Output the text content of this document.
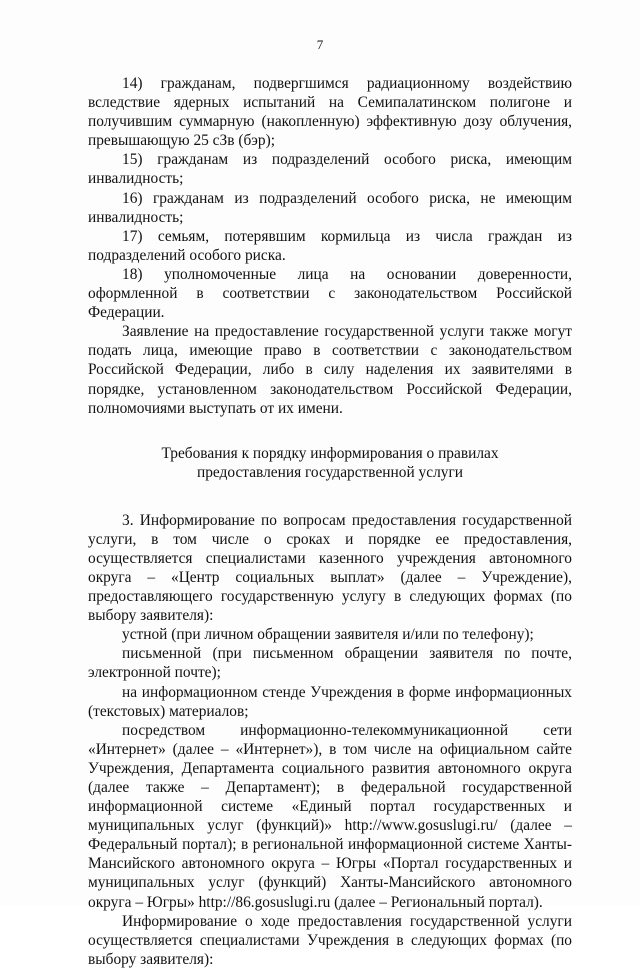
7

14) гражданам, подвергшимся радиационному воздействию вследствие ядерных испытаний на Семипалатинском полигоне и получившим суммарную (накопленную) эффективную дозу облучения, превышающую 25 сЗв (бэр);

15) гражданам из подразделений особого риска, имеющим инвалидность;

16) гражданам из подразделений особого риска, не имеющим инвалидность;

17) семьям, потерявшим кормильца из числа граждан из подразделений особого риска.

18) уполномоченные лица на основании доверенности, оформленной в соответствии с законодательством Российской Федерации.

Заявление на предоставление государственной услуги также могут подать лица, имеющие право в соответствии с законодательством Российской Федерации, либо в силу наделения их заявителями в порядке, установленном законодательством Российской Федерации, полномочиями выступать от их имени.

Требования к порядку информирования о правилах
предоставления государственной услуги

3. Информирование по вопросам предоставления государственной услуги, в том числе о сроках и порядке ее предоставления, осуществляется специалистами казенного учреждения автономного округа – «Центр социальных выплат» (далее – Учреждение), предоставляющего государственную услугу в следующих формах (по выбору заявителя):

устной (при личном обращении заявителя и/или по телефону);

письменной (при письменном обращении заявителя по почте, электронной почте);

на информационном стенде Учреждения в форме информационных (текстовых) материалов;

посредством информационно-телекоммуникационной сети «Интернет» (далее – «Интернет»), в том числе на официальном сайте Учреждения, Департамента социального развития автономного округа (далее также – Департамент); в федеральной государственной информационной системе «Единый портал государственных и муниципальных услуг (функций)» http://www.gosuslugi.ru/ (далее – Федеральный портал); в региональной информационной системе Ханты-Мансийского автономного округа – Югры «Портал государственных и муниципальных услуг (функций) Ханты-Мансийского автономного округа – Югры» http://86.gosuslugi.ru (далее – Региональный портал).

Информирование о ходе предоставления государственной услуги осуществляется специалистами Учреждения в следующих формах (по выбору заявителя):
